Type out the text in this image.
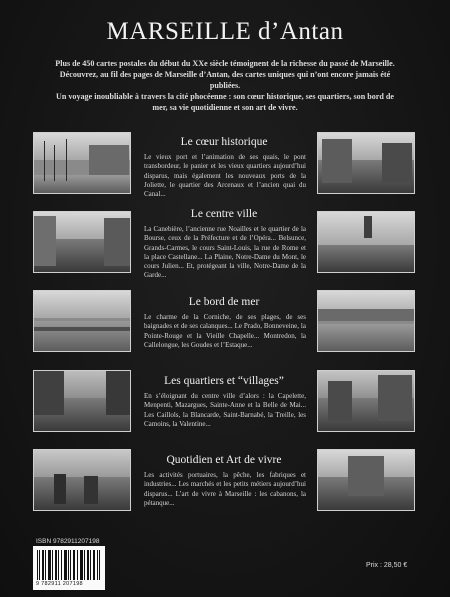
MARSEILLE d’Antan
Plus de 450 cartes postales du début du XXe siècle témoignent de la richesse du passé de Marseille. Découvrez, au fil des pages de Marseille d’Antan, des cartes uniques qui n’ont encore jamais été publiées.
Un voyage inoubliable à travers la cité phocéenne : son cœur historique, ses quartiers, son bord de mer, sa vie quotidienne et son art de vivre.
Le cœur historique
Le vieux port et l’animation de ses quais, le pont transbordeur, le panier et les vieux quartiers aujourd’hui disparus, mais également les nouveaux ports de la Joliette, le quartier des Arcenaux et l’ancien quai du Canal...
Le centre ville
La Canebière, l’ancienne rue Noailles et le quartier de la Bourse, ceux de la Préfecture et de l’Opéra... Belsunce, Grands-Carmes, le cours Saint-Louis, la rue de Rome et la place Castellane... La Plaine, Notre-Dame du Mont, le cours Julien... Et, protégeant la ville, Notre-Dame de la Garde...
Le bord de mer
Le charme de la Corniche, de ses plages, de ses baignades et de ses calanques... Le Prado, Bonneveine, la Pointe-Rouge et la Vieille Chapelle... Montredon, la Callelongue, les Goudes et l’Estaque...
Les quartiers et “villages”
En s’éloignant du centre ville d’alors : la Capelette, Menpenti, Mazargues, Sainte-Anne et la Belle de Mai... Les Caillols, la Blancarde, Saint-Barnabé, la Treille, les Camoins, la Valentine...
Quotidien et Art de vivre
Les activités portuaires, la pêche, les fabriques et industries... Les marchés et les petits métiers aujourd’hui disparus... L’art de vivre à Marseille : les cabanons, la pétanque...
ISBN 9782911207198
9 782911 207198
Prix : 28,50 €
